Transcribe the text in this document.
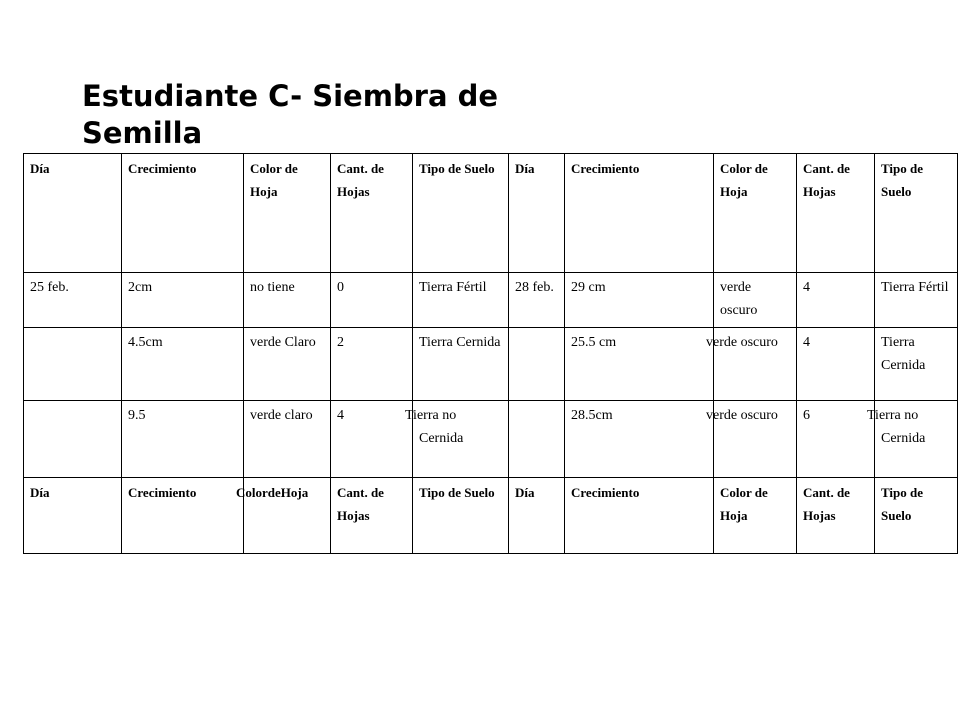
Estudiante C- Siembra de Semilla
Día	Crecimiento	Color de Hoja	Cant. de Hojas	Tipo de Suelo	Día	Crecimiento	Color de Hoja	Cant. de Hojas	Tipo de Suelo
25 feb.	2cm	no tiene	0	Tierra Fértil	28 feb.	29 cm	verde oscuro	4	Tierra Fértil
	4.5cm	verde Claro	2	Tierra Cernida		25.5 cm	verde oscuro	4	Tierra Cernida
	9.5	verde claro	4	Tierra no Cernida		28.5cm	verde oscuro	6	Tierra no Cernida
Día	Crecimiento	ColordeHoja	Cant. de Hojas	Tipo de Suelo	Día	Crecimiento	Color de Hoja	Cant. de Hojas	Tipo de Suelo
